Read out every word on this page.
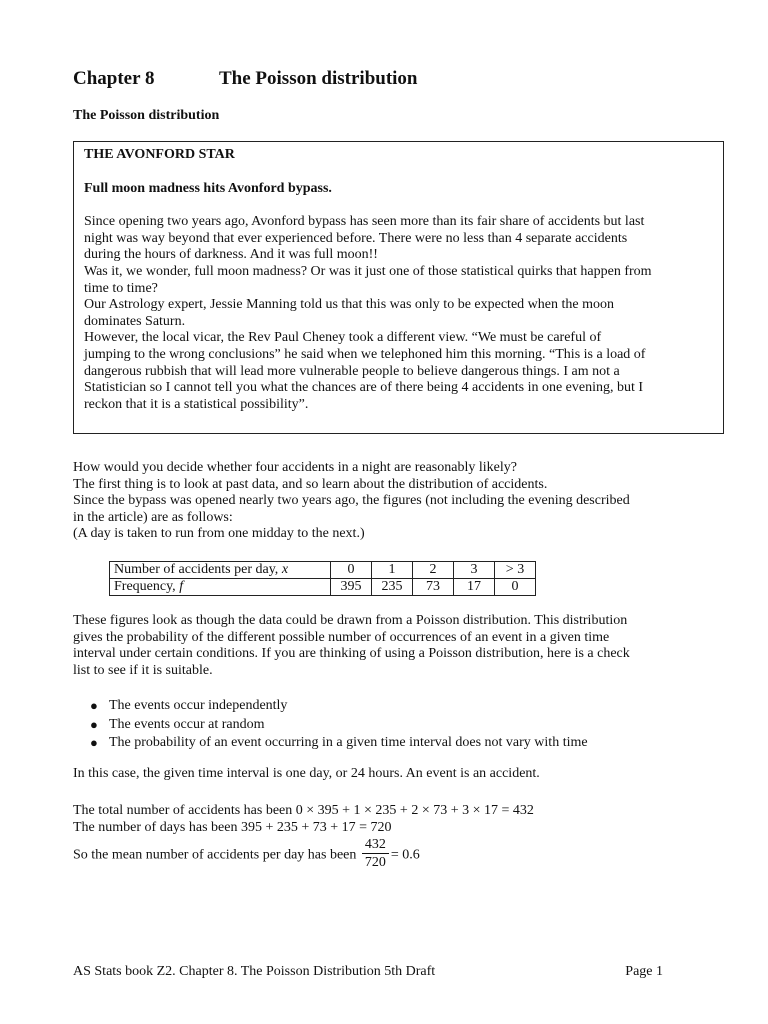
Chapter 8	The Poisson distribution
The Poisson distribution

THE AVONFORD STAR

Full moon madness hits Avonford bypass.

Since opening two years ago, Avonford bypass has seen more than its fair share of accidents but last

night was way beyond that ever experienced before. There were no less than 4 separate accidents

during the hours of darkness. And it was full moon!!

Was it, we wonder, full moon madness? Or was it just one of those statistical quirks that happen from

time to time?

Our Astrology expert, Jessie Manning told us that this was only to be expected when the moon

dominates Saturn.

However, the local vicar, the Rev Paul Cheney took a different view. “We must be careful of

jumping to the wrong conclusions” he said when we telephoned him this morning. “This is a load of

dangerous rubbish that will lead more vulnerable people to believe dangerous things. I am not a

Statistician so I cannot tell you what the chances are of there being 4 accidents in one evening, but I

reckon that it is a statistical possibility”.

How would you decide whether four accidents in a night are reasonably likely?

The first thing is to look at past data, and so learn about the distribution of accidents.

Since the bypass was opened nearly two years ago, the figures (not including the evening described

in the article) are as follows:

(A day is taken to run from one midday to the next.)

Number of accidents per day, x	0	1	2	3	> 3
Frequency, f	395	235	73	17	0

These figures look as though the data could be drawn from a Poisson distribution. This distribution

gives the probability of the different possible number of occurrences of an event in a given time

interval under certain conditions. If you are thinking of using a Poisson distribution, here is a check

list to see if it is suitable.

● The events occur independently
● The events occur at random
● The probability of an event occurring in a given time interval does not vary with time
In this case, the given time interval is one day, or 24 hours. An event is an accident.

The total number of accidents has been 0 × 395 + 1 × 235 + 2 × 73 + 3 × 17 = 432

The number of days has been 395 + 235 + 73 + 17 = 720

So the mean number of accidents per day has been $\frac{432}{720} = 0.6$

AS Stats book Z2. Chapter 8. The Poisson Distribution 5th Draft	Page 1
